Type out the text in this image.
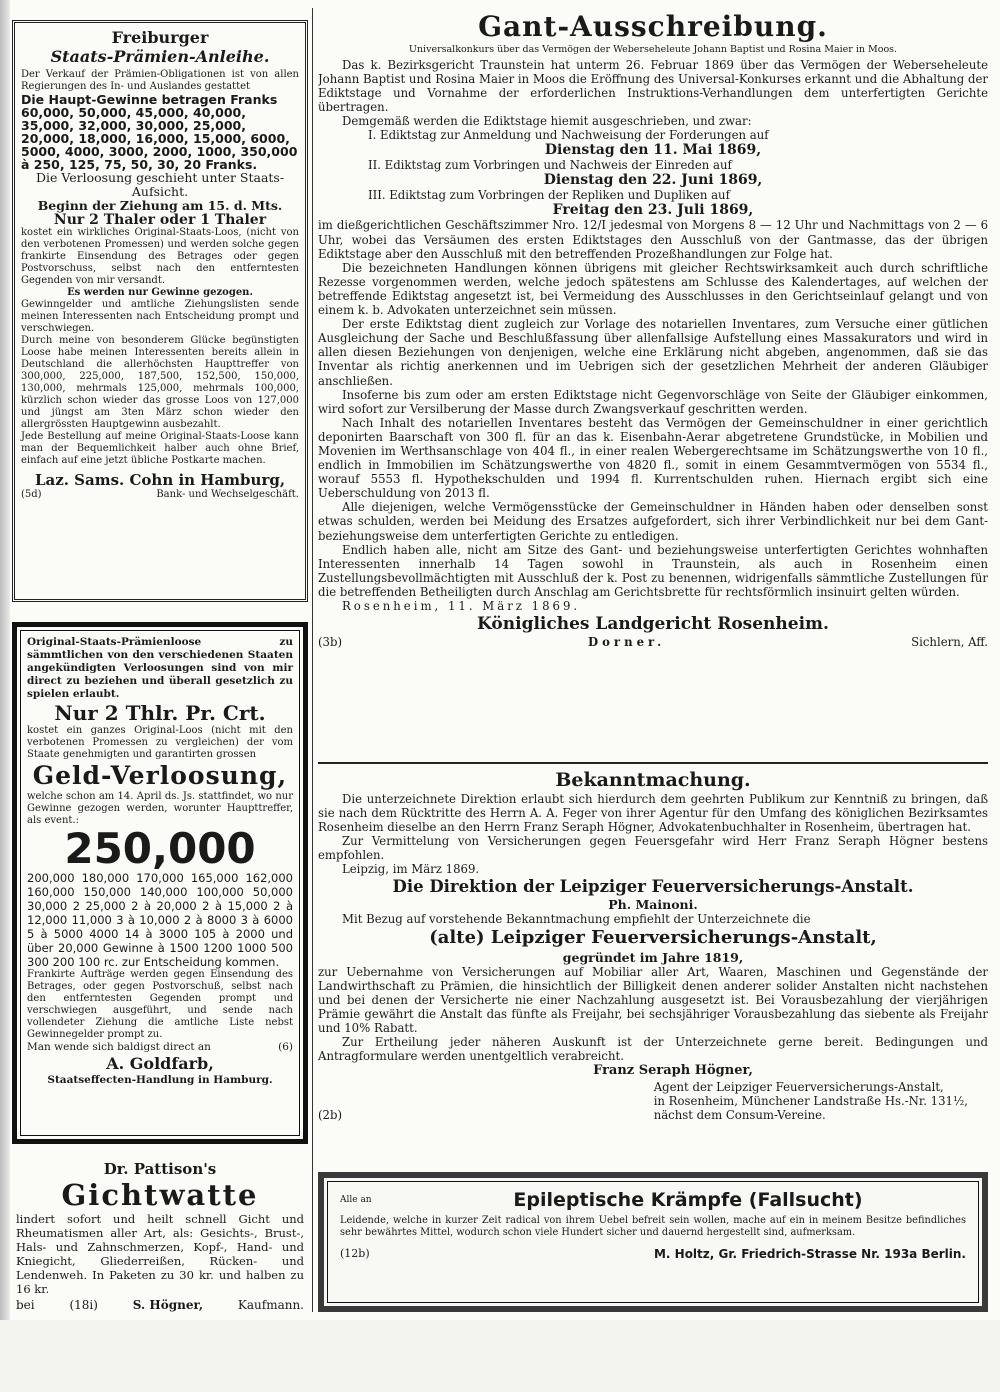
Freiburger

Staats-Prämien-Anleihe.

Der Verkauf der Prämien-Obligationen ist von allen Regierungen des In- und Auslandes gestattet

Die Haupt-Gewinne betragen Franks 60,000, 50,000, 45,000, 40,000, 35,000, 32,000, 30,000, 25,000, 20,000, 18,000, 16,000, 15,000, 6000, 5000, 4000, 3000, 2000, 1000, 350,000 à 250, 125, 75, 50, 30, 20 Franks.

Die Verloosung geschieht unter Staats-Aufsicht.

Beginn der Ziehung am 15. d. Mts.

Nur 2 Thaler oder 1 Thaler

kostet ein wirkliches Original-Staats-Loos, (nicht von den verbotenen Promessen) und werden solche gegen frankirte Einsendung des Betrages oder gegen Postvorschuss, selbst nach den entferntesten Gegenden von mir versandt.

Es werden nur Gewinne gezogen.

Gewinngelder und amtliche Ziehungslisten sende meinen Interessenten nach Entscheidung prompt und verschwiegen.

Durch meine von besonderem Glücke begünstigten Loose habe meinen Interessenten bereits allein in Deutschland die allerhöchsten Haupttreffer von 300,000, 225,000, 187,500, 152,500, 150,000, 130,000, mehrmals 125,000, mehrmals 100,000, kürzlich schon wieder das grosse Loos von 127,000 und jüngst am 3ten März schon wieder den allergrössten Hauptgewinn ausbezahlt.

Jede Bestellung auf meine Original-Staats-Loose kann man der Bequemlichkeit halber auch ohne Brief, einfach auf eine jetzt übliche Postkarte machen.

Laz. Sams. Cohn in Hamburg,

(5d)	Bank- und Wechselgeschäft.

Original-Staats-Prämienloose zu sämmtlichen von den verschiedenen Staaten angekündigten Verloosungen sind von mir direct zu beziehen und überall gesetzlich zu spielen erlaubt.

Nur 2 Thlr. Pr. Crt.

kostet ein ganzes Original-Loos (nicht mit den verbotenen Promessen zu vergleichen) der vom Staate genehmigten und garantirten grossen

Geld-Verloosung,

welche schon am 14. April ds. Js. stattfindet, wo nur Gewinne gezogen werden, worunter Haupttreffer, als event.:

250,000

200,000 180,000 170,000 165,000 162,000 160,000 150,000 140,000 100,000 50,000 30,000 2 25,000 2 à 20,000 2 à 15,000 2 à 12,000 11,000 3 à 10,000 2 à 8000 3 à 6000 5 à 5000 4000 14 à 3000 105 à 2000 und über 20,000 Gewinne à 1500 1200 1000 500 300 200 100 rc. zur Entscheidung kommen.

Frankirte Aufträge werden gegen Einsendung des Betrages, oder gegen Postvorschuß, selbst nach den entferntesten Gegenden prompt und verschwiegen ausgeführt, und sende nach vollendeter Ziehung die amtliche Liste nebst Gewinnegelder prompt zu.

Man wende sich baldigst direct an	(6)

A. Goldfarb,

Staatseffecten-Handlung in Hamburg.

Dr. Pattison's

Gichtwatte

lindert sofort und heilt schnell Gicht und Rheumatismen aller Art, als: Gesichts-, Brust-, Hals- und Zahnschmerzen, Kopf-, Hand- und Kniegicht, Gliederreißen, Rücken- und Lendenweh. In Paketen zu 30 kr. und halben zu 16 kr.

bei	(18i)	S. Högner,	Kaufmann.

Gant-Ausschreibung.

Universalkonkurs über das Vermögen der Weberseheleute Johann Baptist und Rosina Maier in Moos.

Das k. Bezirksgericht Traunstein hat unterm 26. Februar 1869 über das Vermögen der Weberseheleute Johann Baptist und Rosina Maier in Moos die Eröffnung des Universal-Konkurses erkannt und die Abhaltung der Ediktstage und Vornahme der erforderlichen Instruktions-Verhandlungen dem unterfertigten Gerichte übertragen.

Demgemäß werden die Ediktstage hiemit ausgeschrieben, und zwar:

I. Ediktstag zur Anmeldung und Nachweisung der Forderungen auf

Dienstag den 11. Mai 1869,

II. Ediktstag zum Vorbringen und Nachweis der Einreden auf

Dienstag den 22. Juni 1869,

III. Ediktstag zum Vorbringen der Repliken und Dupliken auf

Freitag den 23. Juli 1869,

im dießgerichtlichen Geschäftszimmer Nro. 12/I jedesmal von Morgens 8 — 12 Uhr und Nachmittags von 2 — 6 Uhr, wobei das Versäumen des ersten Ediktstages den Ausschluß von der Gantmasse, das der übrigen Ediktstage aber den Ausschluß mit den betreffenden Prozeßhandlungen zur Folge hat.

Die bezeichneten Handlungen können übrigens mit gleicher Rechtswirksamkeit auch durch schriftliche Rezesse vorgenommen werden, welche jedoch spätestens am Schlusse des Kalendertages, auf welchen der betreffende Ediktstag angesetzt ist, bei Vermeidung des Ausschlusses in den Gerichtseinlauf gelangt und von einem k. b. Advokaten unterzeichnet sein müssen.

Der erste Ediktstag dient zugleich zur Vorlage des notariellen Inventares, zum Versuche einer gütlichen Ausgleichung der Sache und Beschlußfassung über allenfallsige Aufstellung eines Massakurators und wird in allen diesen Beziehungen von denjenigen, welche eine Erklärung nicht abgeben, angenommen, daß sie das Inventar als richtig anerkennen und im Uebrigen sich der gesetzlichen Mehrheit der anderen Gläubiger anschließen.

Insoferne bis zum oder am ersten Ediktstage nicht Gegenvorschläge von Seite der Gläubiger einkommen, wird sofort zur Versilberung der Masse durch Zwangsverkauf geschritten werden.

Nach Inhalt des notariellen Inventares besteht das Vermögen der Gemeinschuldner in einer gerichtlich deponirten Baarschaft von 300 fl. für an das k. Eisenbahn-Aerar abgetretene Grundstücke, in Mobilien und Movenien im Werthsanschlage von 404 fl., in einer realen Webergerechtsame im Schätzungswerthe von 10 fl., endlich in Immobilien im Schätzungswerthe von 4820 fl., somit in einem Gesammtvermögen von 5534 fl., worauf 5553 fl. Hypothekschulden und 1994 fl. Kurrentschulden ruhen. Hiernach ergibt sich eine Ueberschuldung von 2013 fl.

Alle diejenigen, welche Vermögensstücke der Gemeinschuldner in Händen haben oder denselben sonst etwas schulden, werden bei Meidung des Ersatzes aufgefordert, sich ihrer Verbindlichkeit nur bei dem Gant- beziehungsweise dem unterfertigten Gerichte zu entledigen.

Endlich haben alle, nicht am Sitze des Gant- und beziehungsweise unterfertigten Gerichtes wohnhaften Interessenten innerhalb 14 Tagen sowohl in Traunstein, als auch in Rosenheim einen Zustellungsbevollmächtigten mit Ausschluß der k. Post zu benennen, widrigenfalls sämmtliche Zustellungen für die betreffenden Betheiligten durch Anschlag am Gerichtsbrette für rechtsförmlich insinuirt gelten würden.

Rosenheim, 11. März 1869.

Königliches Landgericht Rosenheim.

(3b)	Dorner.	Sichlern, Aff.

Bekanntmachung.

Die unterzeichnete Direktion erlaubt sich hierdurch dem geehrten Publikum zur Kenntniß zu bringen, daß sie nach dem Rücktritte des Herrn A. A. Feger von ihrer Agentur für den Umfang des königlichen Bezirksamtes Rosenheim dieselbe an den Herrn Franz Seraph Högner, Advokatenbuchhalter in Rosenheim, übertragen hat.

Zur Vermittelung von Versicherungen gegen Feuersgefahr wird Herr Franz Seraph Högner bestens empfohlen.

Leipzig, im März 1869.

Die Direktion der Leipziger Feuerversicherungs-Anstalt.

Ph. Mainoni.

Mit Bezug auf vorstehende Bekanntmachung empfiehlt der Unterzeichnete die

(alte) Leipziger Feuerversicherungs-Anstalt,

gegründet im Jahre 1819,

zur Uebernahme von Versicherungen auf Mobiliar aller Art, Waaren, Maschinen und Gegenstände der Landwirthschaft zu Prämien, die hinsichtlich der Billigkeit denen anderer solider Anstalten nicht nachstehen und bei denen der Versicherte nie einer Nachzahlung ausgesetzt ist. Bei Vorausbezahlung der vierjährigen Prämie gewährt die Anstalt das fünfte als Freijahr, bei sechsjähriger Vorausbezahlung das siebente als Freijahr und 10% Rabatt.

Zur Ertheilung jeder näheren Auskunft ist der Unterzeichnete gerne bereit. Bedingungen und Antragformulare werden unentgeltlich verabreicht.

Franz Seraph Högner,

(2b)

Agent der Leipziger Feuerversicherungs-Anstalt,

in Rosenheim, Münchener Landstraße Hs.-Nr. 131½,

nächst dem Consum-Vereine.

Alle an	Epileptische Krämpfe (Fallsucht)

Leidende, welche in kurzer Zeit radical von ihrem Uebel befreit sein wollen, mache auf ein in meinem Besitze befindliches sehr bewährtes Mittel, wodurch schon viele Hundert sicher und dauernd hergestellt sind, aufmerksam.

(12b)	M. Holtz, Gr. Friedrich-Strasse Nr. 193a Berlin.
